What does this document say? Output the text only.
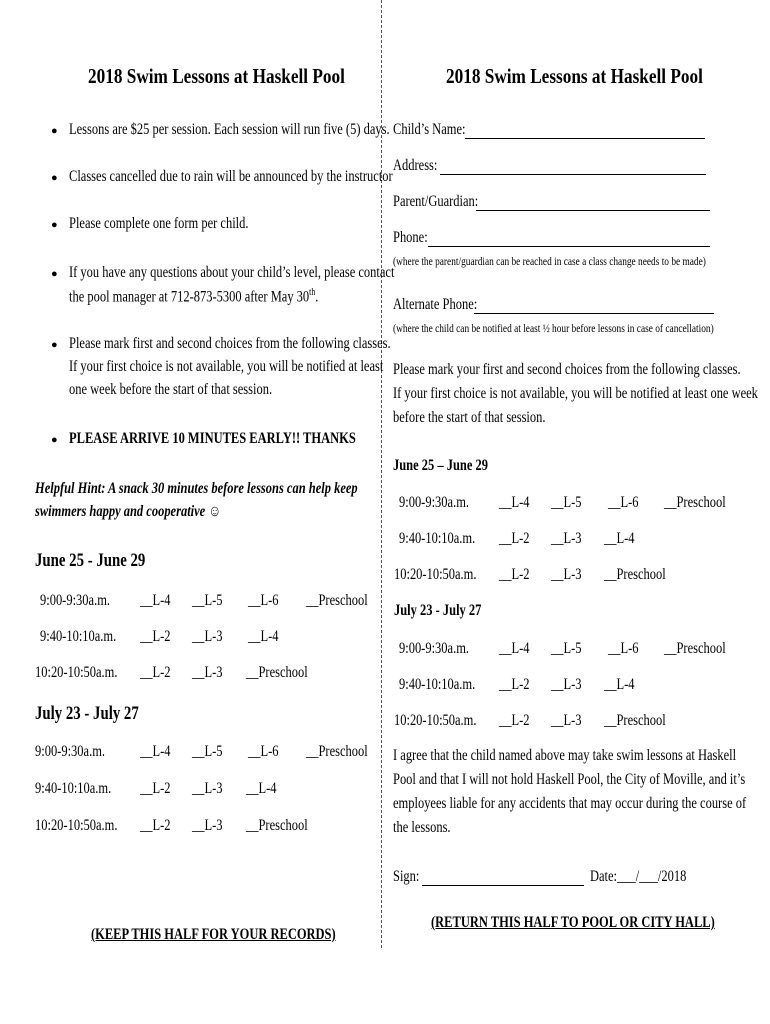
2018 Swim Lessons at Haskell Pool
● Lessons are $25 per session. Each session will run five (5) days.
● Classes cancelled due to rain will be announced by the instructor
● Please complete one form per child.
● If you have any questions about your child’s level, please contact
the pool manager at 712-873-5300 after May 30th.
● Please mark first and second choices from the following classes.
If your first choice is not available, you will be notified at least
one week before the start of that session.
● PLEASE ARRIVE 10 MINUTES EARLY!! THANKS
Helpful Hint: A snack 30 minutes before lessons can help keep
swimmers happy and cooperative ☺
June 25 - June 29
9:00-9:30a.m. __L-4 __L-5 __L-6 __Preschool
9:40-10:10a.m. __L-2 __L-3 __L-4
10:20-10:50a.m. __L-2 __L-3 __Preschool
July 23 - July 27
9:00-9:30a.m. __L-4 __L-5 __L-6 __Preschool
9:40-10:10a.m. __L-2 __L-3 __L-4
10:20-10:50a.m. __L-2 __L-3 __Preschool
(KEEP THIS HALF FOR YOUR RECORDS)
2018 Swim Lessons at Haskell Pool
Child’s Name:
Address:
Parent/Guardian:
Phone:
(where the parent/guardian can be reached in case a class change needs to be made)
Alternate Phone:
(where the child can be notified at least ½ hour before lessons in case of cancellation)
Please mark your first and second choices from the following classes.
If your first choice is not available, you will be notified at least one week
before the start of that session.
June 25 – June 29
9:00-9:30a.m. __L-4 __L-5 __L-6 __Preschool
9:40-10:10a.m. __L-2 __L-3 __L-4
10:20-10:50a.m. __L-2 __L-3 __Preschool
July 23 - July 27
9:00-9:30a.m. __L-4 __L-5 __L-6 __Preschool
9:40-10:10a.m. __L-2 __L-3 __L-4
10:20-10:50a.m. __L-2 __L-3 __Preschool
I agree that the child named above may take swim lessons at Haskell
Pool and that I will not hold Haskell Pool, the City of Moville, and it’s
employees liable for any accidents that may occur during the course of
the lessons.
Sign:	Date: ___/___/2018
(RETURN THIS HALF TO POOL OR CITY HALL)
